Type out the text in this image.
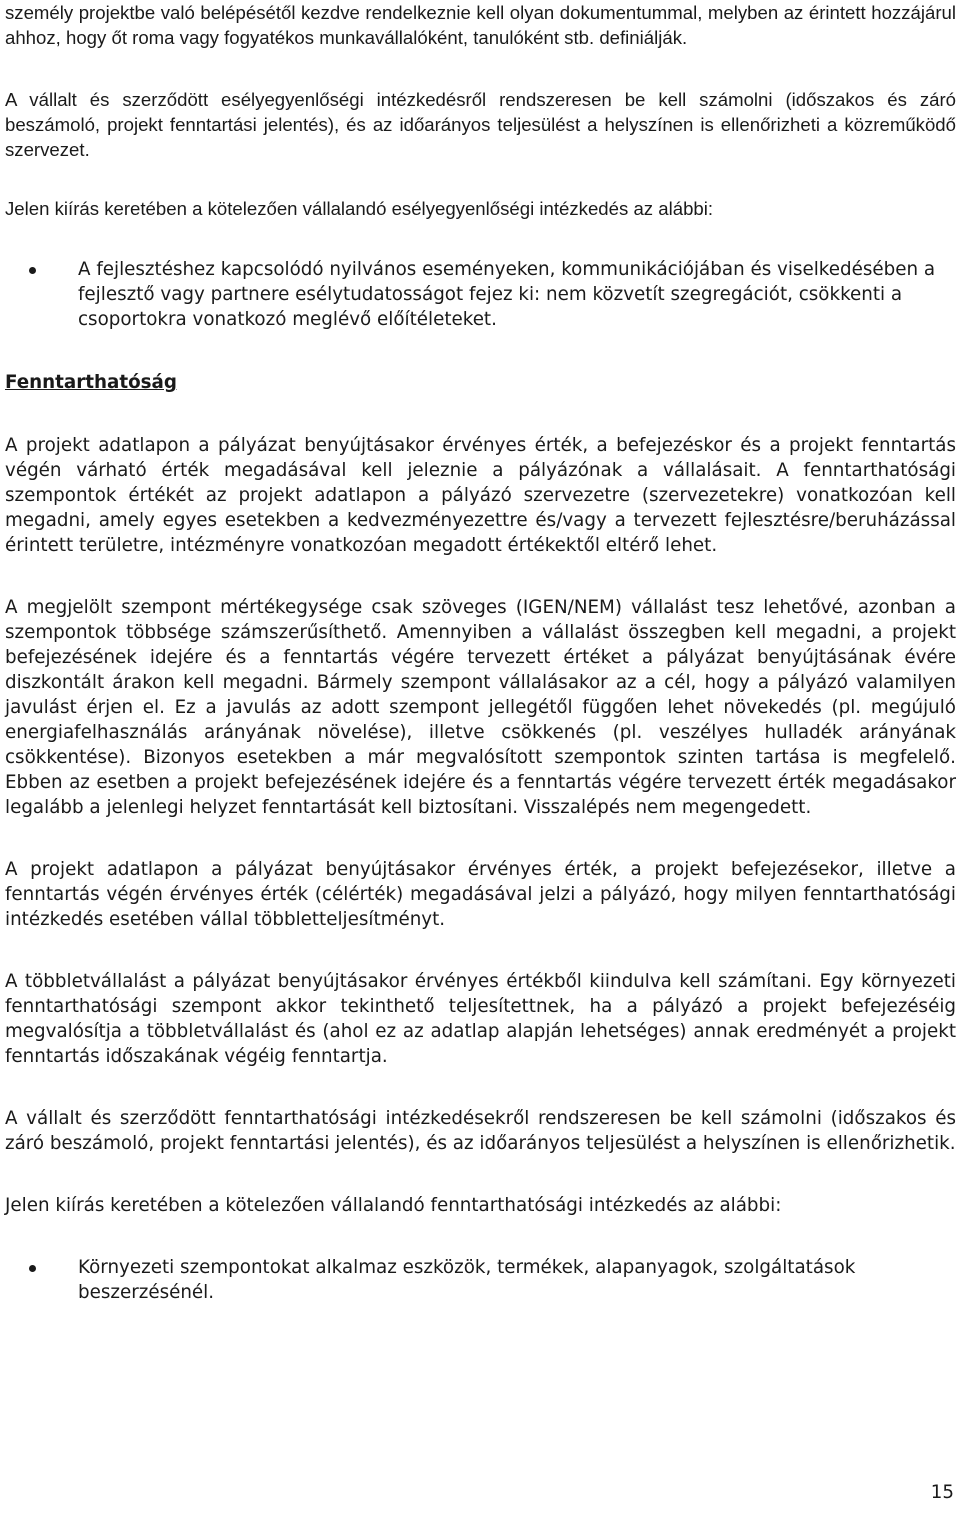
személy projektbe való belépésétől kezdve rendelkeznie kell olyan dokumentummal, melyben az érintett hozzájárul ahhoz, hogy őt roma vagy fogyatékos munkavállalóként, tanulóként stb. definiálják.

A vállalt és szerződött esélyegyenlőségi intézkedésről rendszeresen be kell számolni (időszakos és záró beszámoló, projekt fenntartási jelentés), és az időarányos teljesülést a helyszínen is ellenőrizheti a közreműködő szervezet.

Jelen kiírás keretében a kötelezően vállalandó esélyegyenlőségi intézkedés az alábbi:

A fejlesztéshez kapcsolódó nyilvános eseményeken, kommunikációjában és viselkedésében a fejlesztő vagy partnere esélytudatosságot fejez ki: nem közvetít szegregációt, csökkenti a csoportokra vonatkozó meglévő előítéleteket.

Fenntarthatóság

A projekt adatlapon a pályázat benyújtásakor érvényes érték, a befejezéskor és a projekt fenntartás végén várható érték megadásával kell jeleznie a pályázónak a vállalásait. A fenntarthatósági szempontok értékét az projekt adatlapon a pályázó szervezetre (szervezetekre) vonatkozóan kell megadni, amely egyes esetekben a kedvezményezettre és/vagy a tervezett fejlesztésre/beruházással érintett területre, intézményre vonatkozóan megadott értékektől eltérő lehet.

A megjelölt szempont mértékegysége csak szöveges (IGEN/NEM) vállalást tesz lehetővé, azonban a szempontok többsége számszerűsíthető. Amennyiben a vállalást összegben kell megadni, a projekt befejezésének idejére és a fenntartás végére tervezett értéket a pályázat benyújtásának évére diszkontált árakon kell megadni. Bármely szempont vállalásakor az a cél, hogy a pályázó valamilyen javulást érjen el. Ez a javulás az adott szempont jellegétől függően lehet növekedés (pl. megújuló energiafelhasználás arányának növelése), illetve csökkenés (pl. veszélyes hulladék arányának csökkentése). Bizonyos esetekben a már megvalósított szempontok szinten tartása is megfelelő. Ebben az esetben a projekt befejezésének idejére és a fenntartás végére tervezett érték megadásakor legalább a jelenlegi helyzet fenntartását kell biztosítani. Visszalépés nem megengedett.

A projekt adatlapon a pályázat benyújtásakor érvényes érték, a projekt befejezésekor, illetve a fenntartás végén érvényes érték (célérték) megadásával jelzi a pályázó, hogy milyen fenntarthatósági intézkedés esetében vállal többletteljesítményt.

A többletvállalást a pályázat benyújtásakor érvényes értékből kiindulva kell számítani. Egy környezeti fenntarthatósági szempont akkor tekinthető teljesítettnek, ha a pályázó a projekt befejezéséig megvalósítja a többletvállalást és (ahol ez az adatlap alapján lehetséges) annak eredményét a projekt fenntartás időszakának végéig fenntartja.

A vállalt és szerződött fenntarthatósági intézkedésekről rendszeresen be kell számolni (időszakos és záró beszámoló, projekt fenntartási jelentés), és az időarányos teljesülést a helyszínen is ellenőrizhetik.

Jelen kiírás keretében a kötelezően vállalandó fenntarthatósági intézkedés az alábbi:

Környezeti szempontokat alkalmaz eszközök, termékek, alapanyagok, szolgáltatások beszerzésénél.
15
